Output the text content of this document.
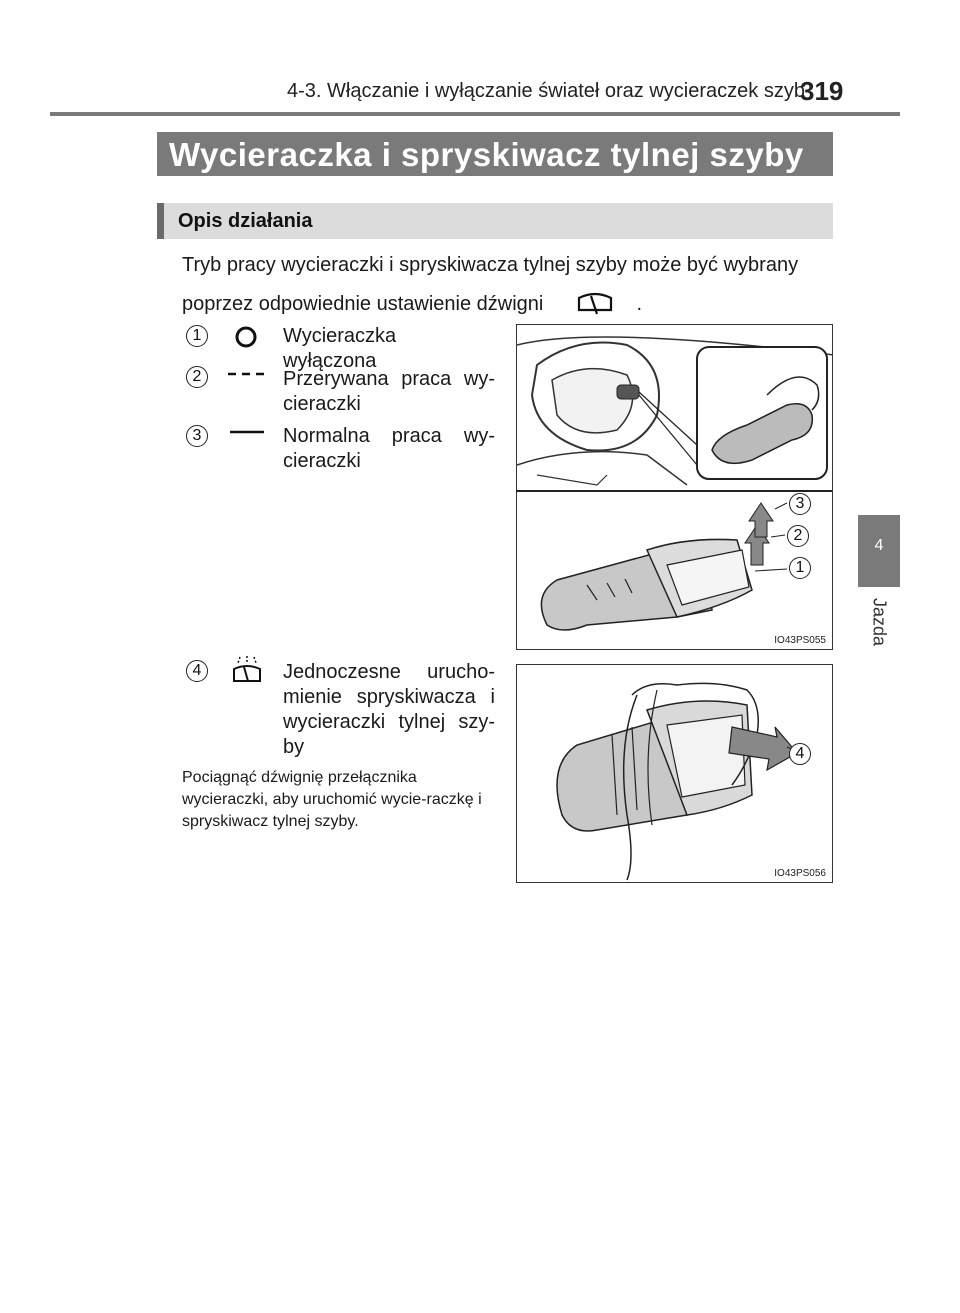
4-3. Włączanie i wyłączanie świateł oraz wycieraczek szyb
319
4
Jazda
Wycieraczka i spryskiwacz tylnej szyby
Opis działania
Tryb pracy wycieraczki i spryskiwacza tylnej szyby może być wybrany
poprzez odpowiednie ustawienie dźwigni	.
1	Wycieraczka wyłączona
2	Przerywana praca wy-cieraczki
3	Normalna praca wy-cieraczki
3
2
1
IO43PS055
4	Jednoczesne urucho-mienie spryskiwacza i wycieraczki tylnej szy-by
Pociągnąć dźwignię przełącznika wycieraczki, aby uruchomić wycie-raczkę i spryskiwacz tylnej szyby.
4
IO43PS056
